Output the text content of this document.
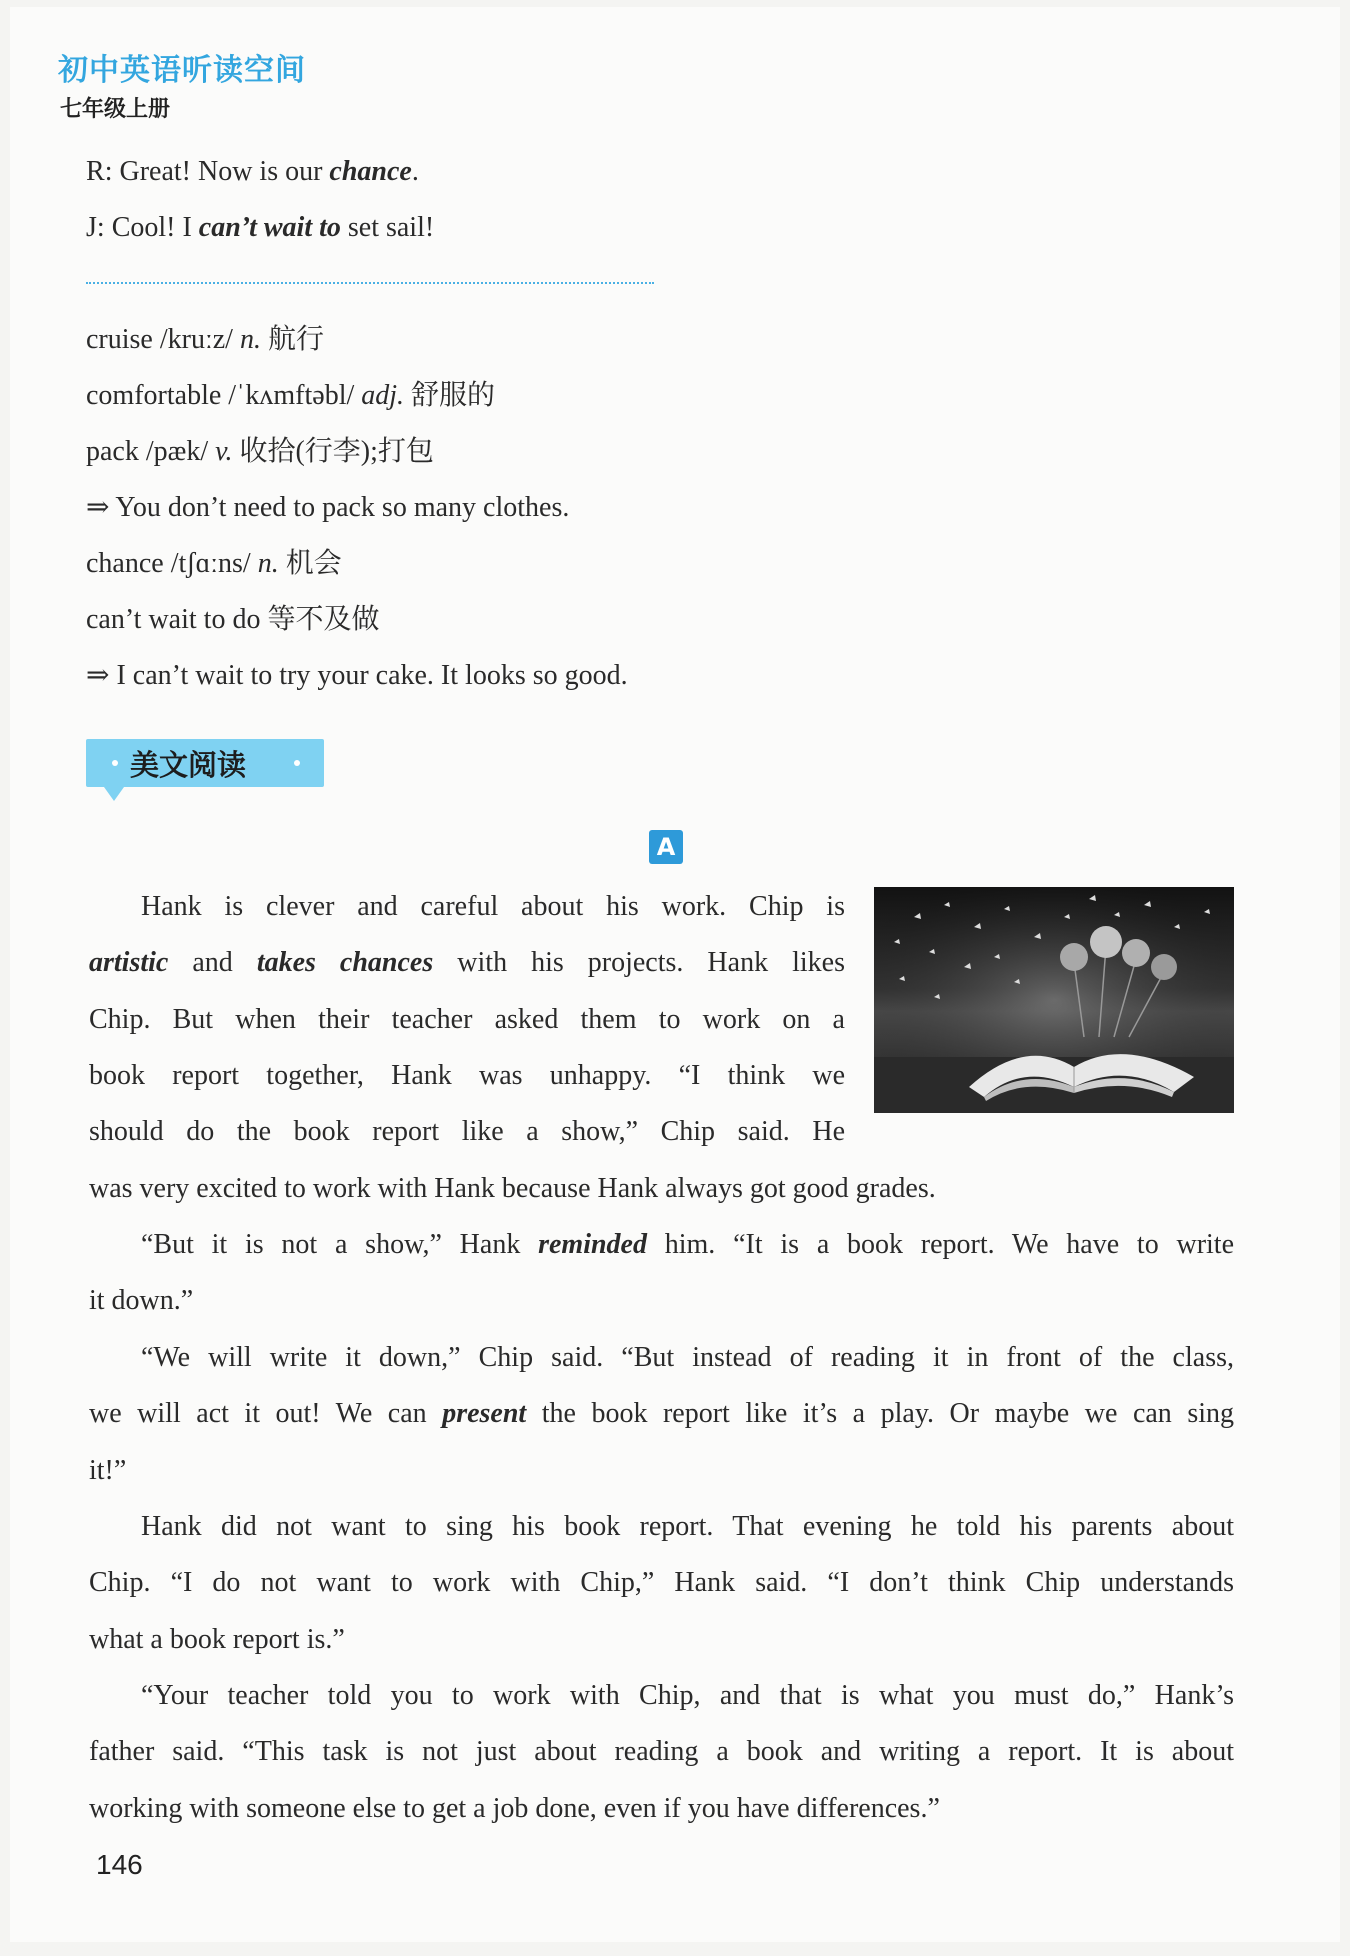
初中英语听读空间
七年级上册
R: Great! Now is our chance.
J: Cool! I can’t wait to set sail!
cruise /kruːz/ n. 航行
comfortable /ˈkʌmftəbl/ adj. 舒服的
pack /pæk/ v. 收拾(行李);打包
⇒ You don’t need to pack so many clothes.
chance /tʃɑːns/ n. 机会
can’t wait to do 等不及做
⇒ I can’t wait to try your cake. It looks so good.
美文阅读
A
Hank is clever and careful about his work. Chip is
artistic and takes chances with his projects. Hank likes
Chip. But when their teacher asked them to work on a
book report together, Hank was unhappy. “I think we
should do the book report like a show,” Chip said. He
was very excited to work with Hank because Hank always got good grades.
“But it is not a show,” Hank reminded him. “It is a book report. We have to write
it down.”
“We will write it down,” Chip said. “But instead of reading it in front of the class,
we will act it out! We can present the book report like it’s a play. Or maybe we can sing
it!”
Hank did not want to sing his book report. That evening he told his parents about
Chip. “I do not want to work with Chip,” Hank said. “I don’t think Chip understands
what a book report is.”
“Your teacher told you to work with Chip, and that is what you must do,” Hank’s
father said. “This task is not just about reading a book and writing a report. It is about
working with someone else to get a job done, even if you have differences.”
146
